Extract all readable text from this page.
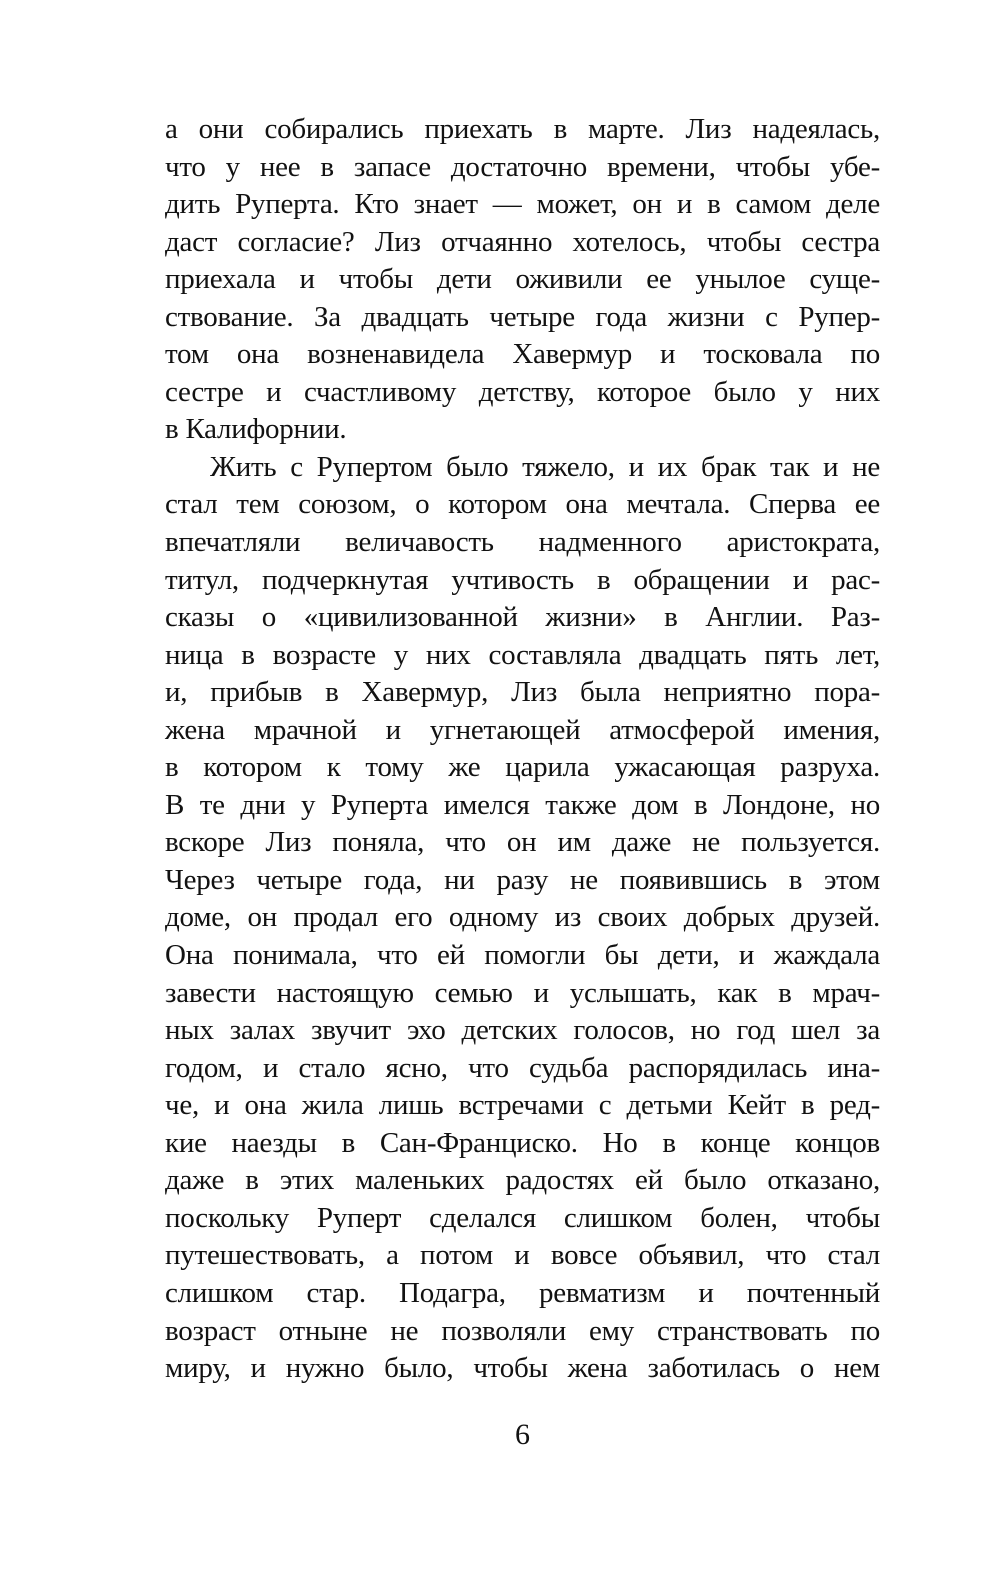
а они собирались приехать в марте. Лиз надеялась,
что у нее в запасе достаточно времени, чтобы убе-
дить Руперта. Кто знает — может, он и в самом деле
даст согласие? Лиз отчаянно хотелось, чтобы сестра
приехала и чтобы дети оживили ее унылое суще-
ствование. За двадцать четыре года жизни с Рупер-
том она возненавидела Хавермур и тосковала по
сестре и счастливому детству, которое было у них
в Калифорнии.
Жить с Рупертом было тяжело, и их брак так и не
стал тем союзом, о котором она мечтала. Сперва ее
впечатляли величавость надменного аристократа,
титул, подчеркнутая учтивость в обращении и рас-
сказы о «цивилизованной жизни» в Англии. Раз-
ница в возрасте у них составляла двадцать пять лет,
и, прибыв в Хавермур, Лиз была неприятно пора-
жена мрачной и угнетающей атмосферой имения,
в котором к тому же царила ужасающая разруха.
В те дни у Руперта имелся также дом в Лондоне, но
вскоре Лиз поняла, что он им даже не пользуется.
Через четыре года, ни разу не появившись в этом
доме, он продал его одному из своих добрых друзей.
Она понимала, что ей помогли бы дети, и жаждала
завести настоящую семью и услышать, как в мрач-
ных залах звучит эхо детских голосов, но год шел за
годом, и стало ясно, что судьба распорядилась ина-
че, и она жила лишь встречами с детьми Кейт в ред-
кие наезды в Сан-Франциско. Но в конце концов
даже в этих маленьких радостях ей было отказано,
поскольку Руперт сделался слишком болен, чтобы
путешествовать, а потом и вовсе объявил, что стал
слишком стар. Подагра, ревматизм и почтенный
возраст отныне не позволяли ему странствовать по
миру, и нужно было, чтобы жена заботилась о нем
6
